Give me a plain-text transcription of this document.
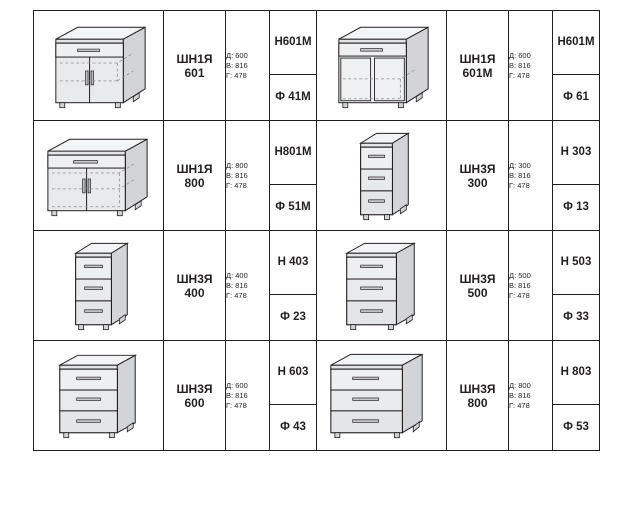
ШН1Я
601

Д: 600
В: 816
Г: 478

Н 601М
Ф 41М

ШН1Я
601М

Д: 600
В: 816
Г: 478

Н 601М
Ф 61

ШН1Я
800

Д: 800
В: 816
Г: 478

Н 801М
Ф 51М

ШН3Я
300

Д: 300
В: 816
Г: 478

Н 303
Ф 13

ШН3Я
400

Д: 400
В: 816
Г: 478

Н 403
Ф 23

ШН3Я
500

Д: 500
В: 816
Г: 478

Н 503
Ф 33

ШН3Я
600

Д: 600
В: 816
Г: 478

Н 603
Ф 43

ШН3Я
800

Д: 800
В: 816
Г: 478

Н 803
Ф 53
